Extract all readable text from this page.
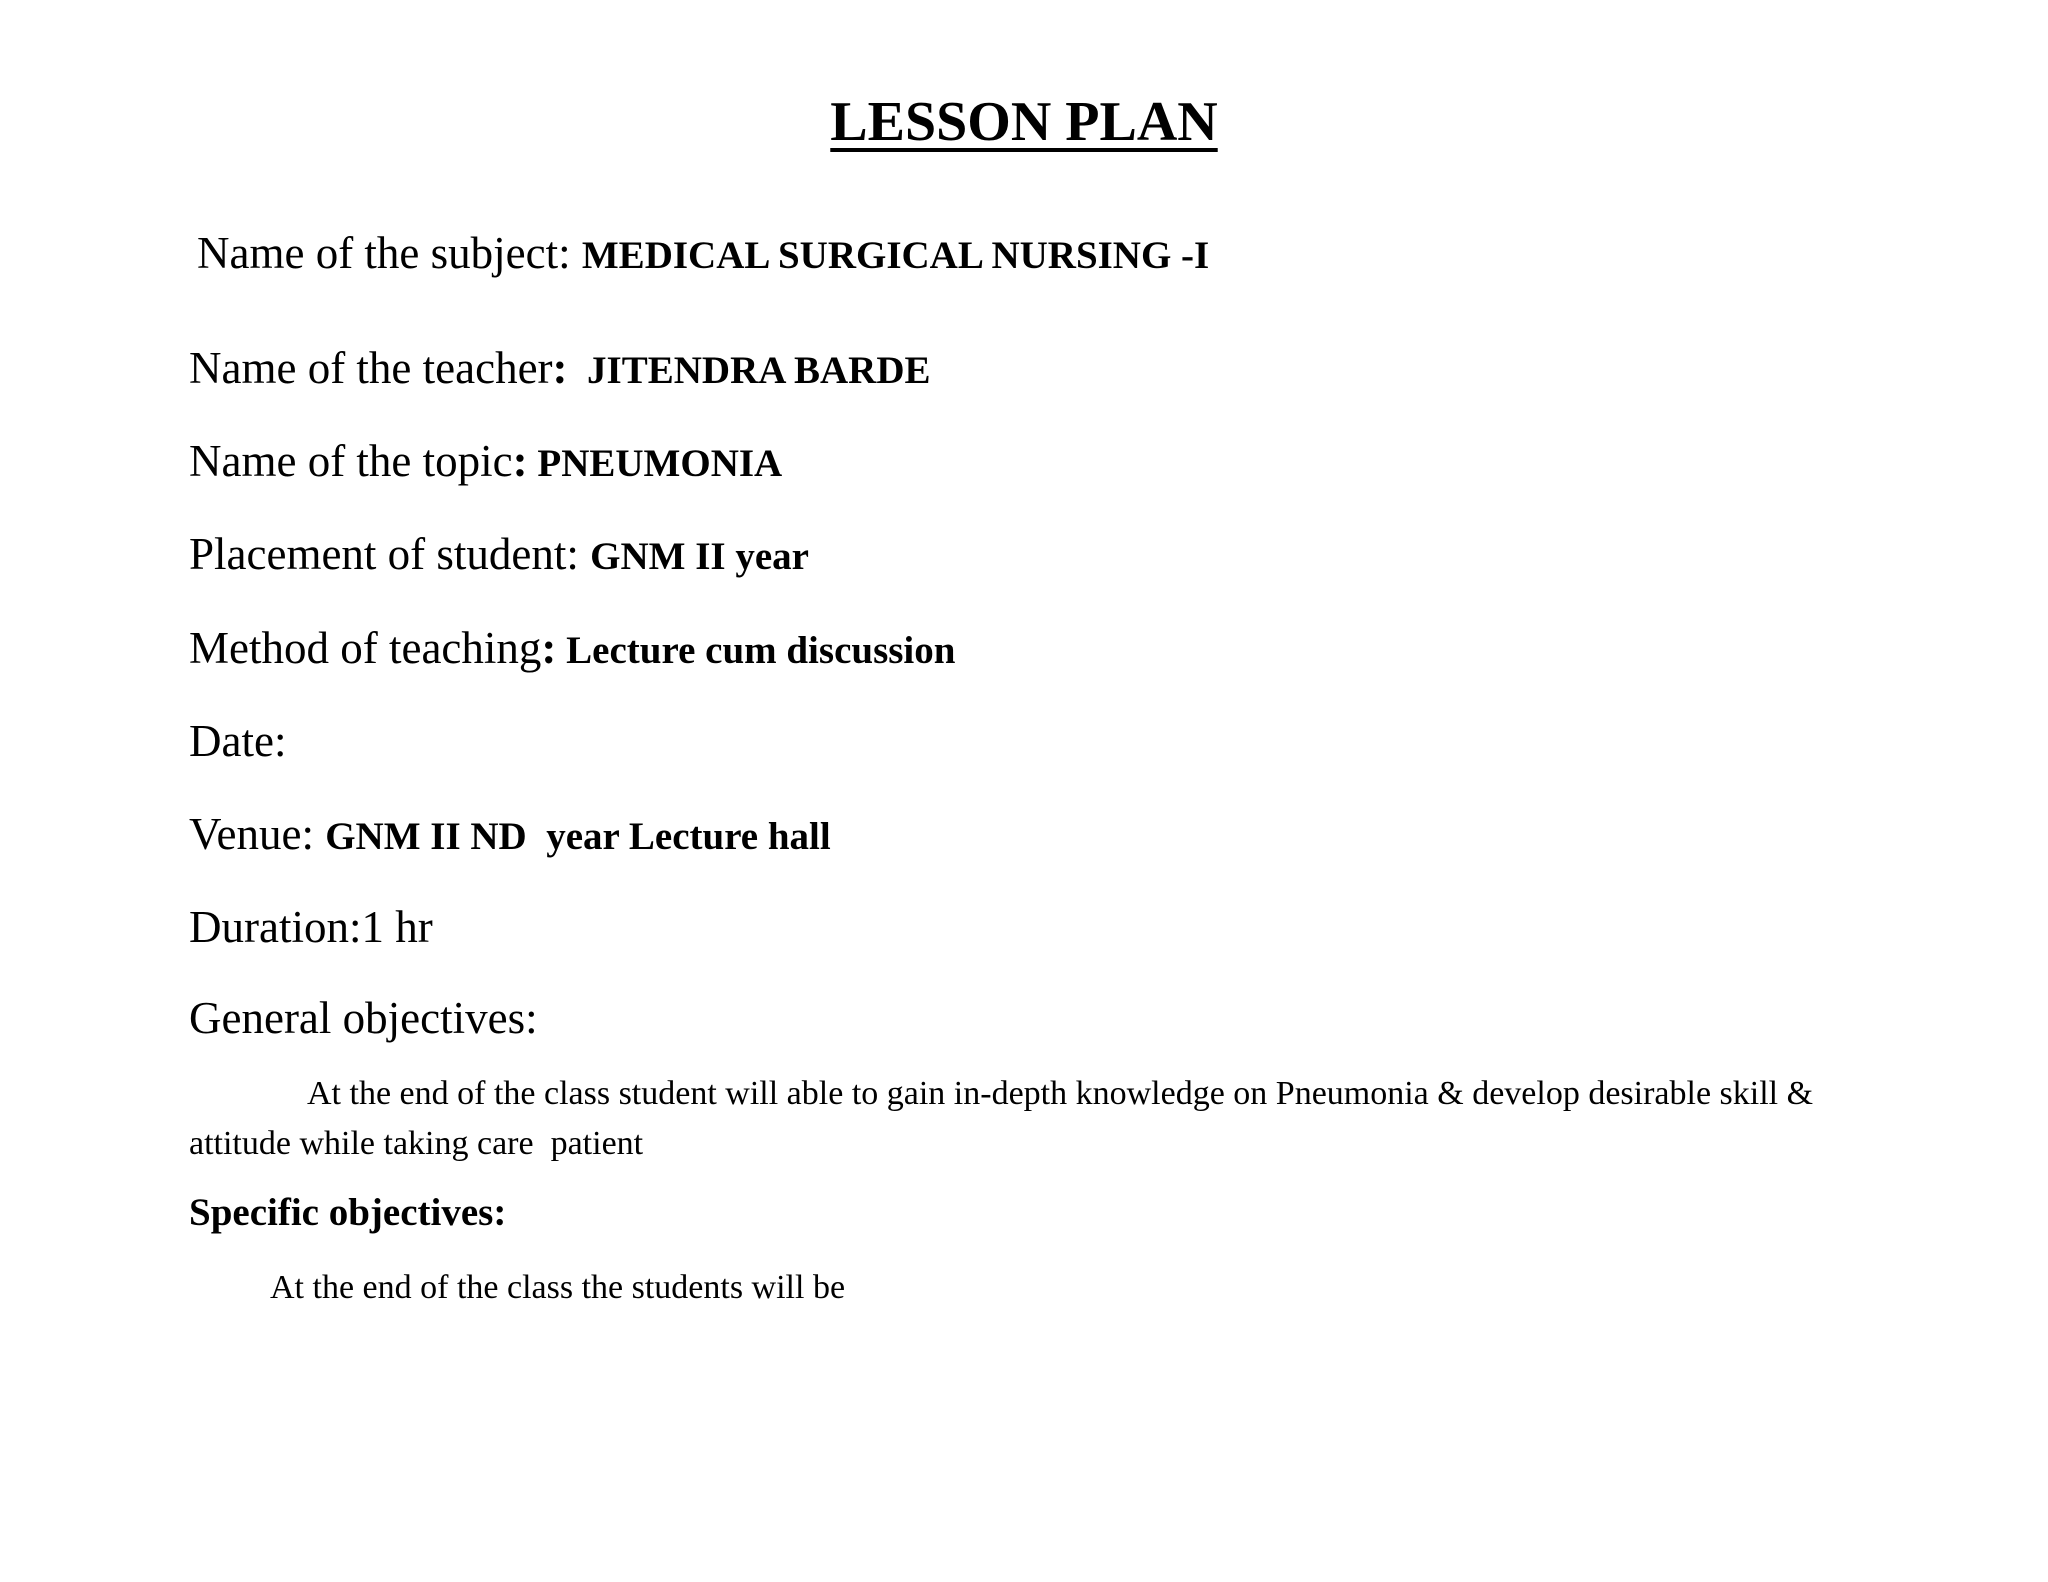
LESSON PLAN
Name of the subject: MEDICAL SURGICAL NURSING -I
Name of the teacher:  JITENDRA BARDE
Name of the topic: PNEUMONIA
Placement of student: GNM II year
Method of teaching: Lecture cum discussion
Date:
Venue: GNM II ND  year Lecture hall
Duration:1 hr
General objectives:
At the end of the class student will able to gain in-depth knowledge on Pneumonia & develop desirable skill & attitude while taking care  patient
Specific objectives:
At the end of the class the students will be
